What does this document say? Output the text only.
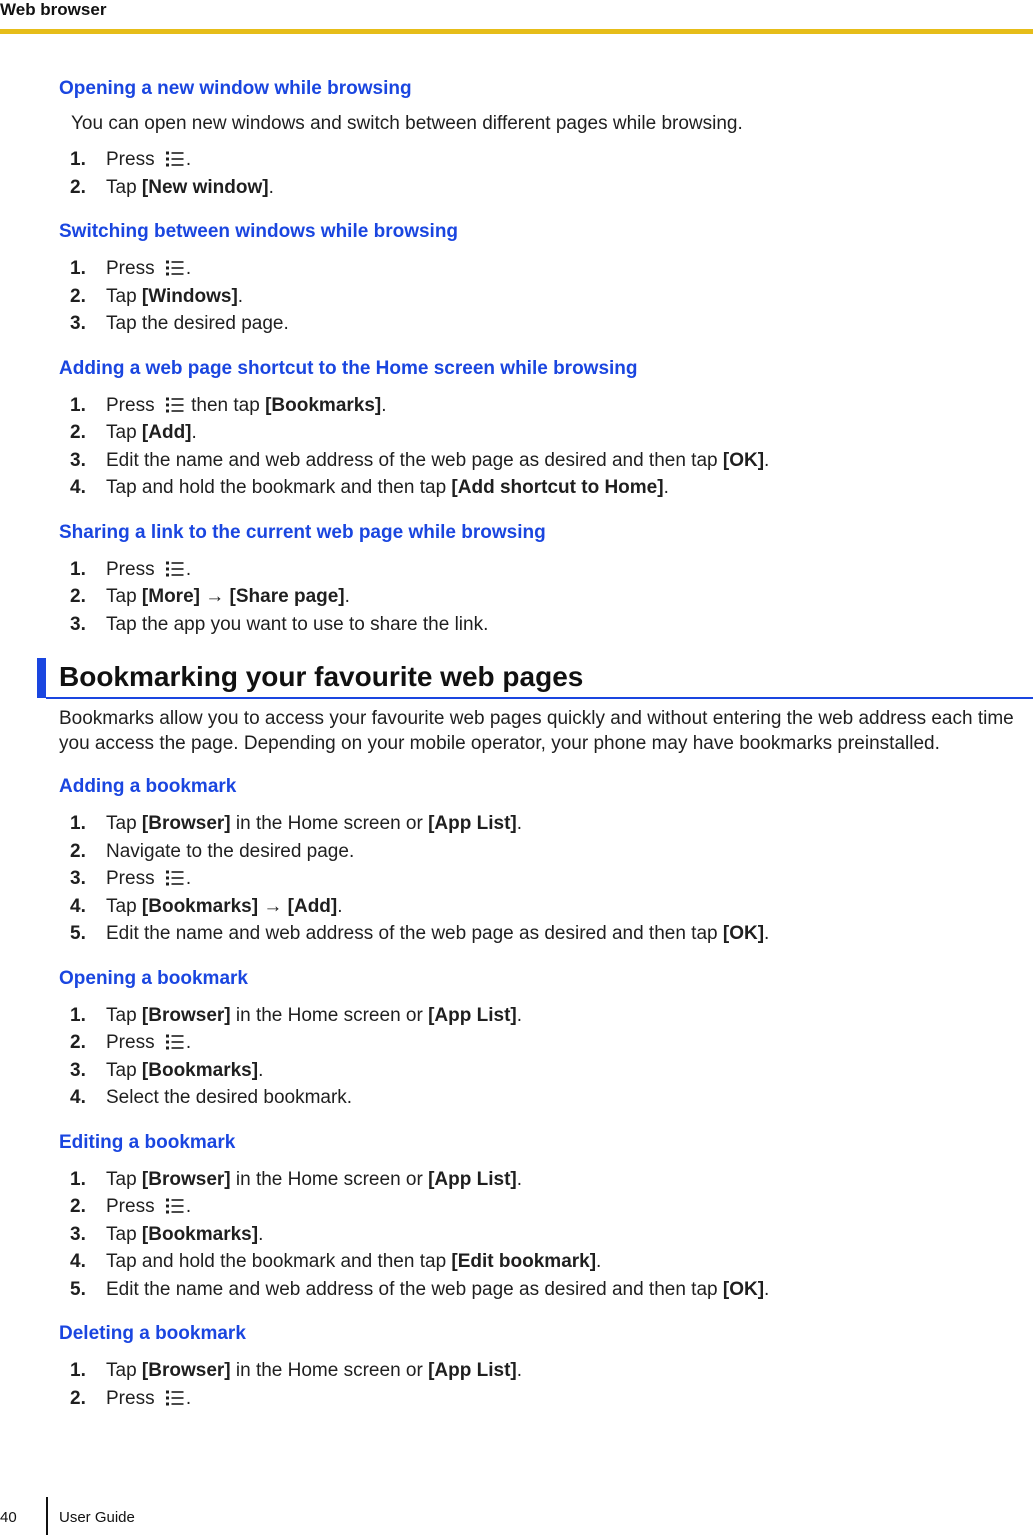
Web browser
Opening a new window while browsing
You can open new windows and switch between different pages while browsing.
1.	Press .
2.	Tap [New window].
Switching between windows while browsing
1.	Press .
2.	Tap [Windows].
3.	Tap the desired page.
Adding a web page shortcut to the Home screen while browsing
1.	Press  then tap [Bookmarks].
2.	Tap [Add].
3.	Edit the name and web address of the web page as desired and then tap [OK].
4.	Tap and hold the bookmark and then tap [Add shortcut to Home].
Sharing a link to the current web page while browsing
1.	Press .
2.	Tap [More] → [Share page].
3.	Tap the app you want to use to share the link.
Bookmarking your favourite web pages
Bookmarks allow you to access your favourite web pages quickly and without entering the web address each time you access the page. Depending on your mobile operator, your phone may have bookmarks preinstalled.
Adding a bookmark
1.	Tap [Browser] in the Home screen or [App List].
2.	Navigate to the desired page.
3.	Press .
4.	Tap [Bookmarks] → [Add].
5.	Edit the name and web address of the web page as desired and then tap [OK].
Opening a bookmark
1.	Tap [Browser] in the Home screen or [App List].
2.	Press .
3.	Tap [Bookmarks].
4.	Select the desired bookmark.
Editing a bookmark
1.	Tap [Browser] in the Home screen or [App List].
2.	Press .
3.	Tap [Bookmarks].
4.	Tap and hold the bookmark and then tap [Edit bookmark].
5.	Edit the name and web address of the web page as desired and then tap [OK].
Deleting a bookmark
1.	Tap [Browser] in the Home screen or [App List].
2.	Press .
40	User Guide
